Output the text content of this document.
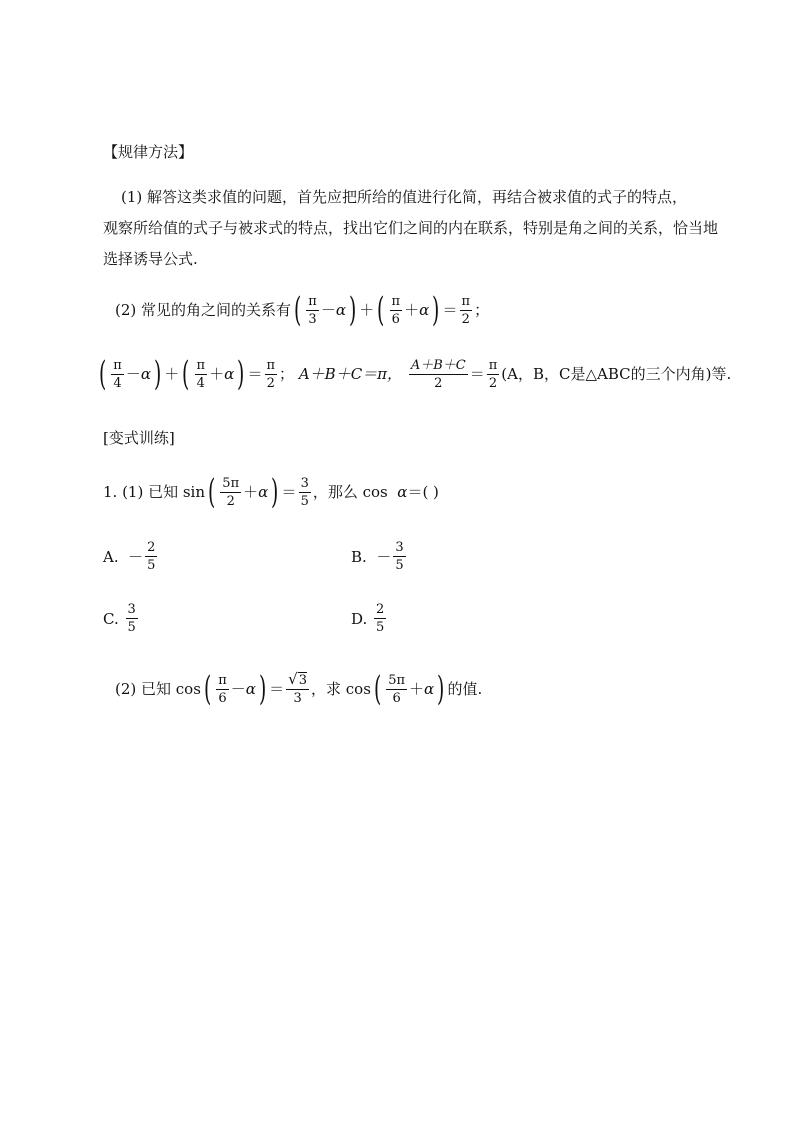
【规律方法】
(1) 解答这类求值的问题，首先应把所给的值进行化简，再结合被求值的式子的特点，
观察所给值的式子与被求式的特点，找出它们之间的内在联系，特别是角之间的关系，恰当地
选择诱导公式.
(2) 常见的角之间的关系有 ( $\frac{\pi}{3} - \alpha$ ) ＋ ( $\frac{\pi}{6} + \alpha$ ) ＝ $\frac{\pi}{2}$ ；
( $\frac{\pi}{4} - \alpha$ ) ＋ ( $\frac{\pi}{4} + \alpha$ ) ＝ $\frac{\pi}{2}$ ；
A＋B＋C＝π，
$\frac{A+B+C}{2} = \frac{\pi}{2} (A$，B，C是△ABC的三个内角)等.
[变式训练]
1. (1) 已知 sin ( $\frac{5\pi}{2} + \alpha$ ) ＝ $\frac{3}{5}$ ，那么 cos
α ＝( )
A.
－ $\frac{2}{5}$	B.
－ $\frac{3}{5}$
C.
$\frac{3}{5}$	D.
$\frac{2}{5}$
(2) 已知 cos ( $\frac{\pi}{6} - \alpha$ ) ＝ $\frac{√ 3}{3}$ ，求 cos ( $\frac{5\pi}{6} + \alpha$ ) 的值.
